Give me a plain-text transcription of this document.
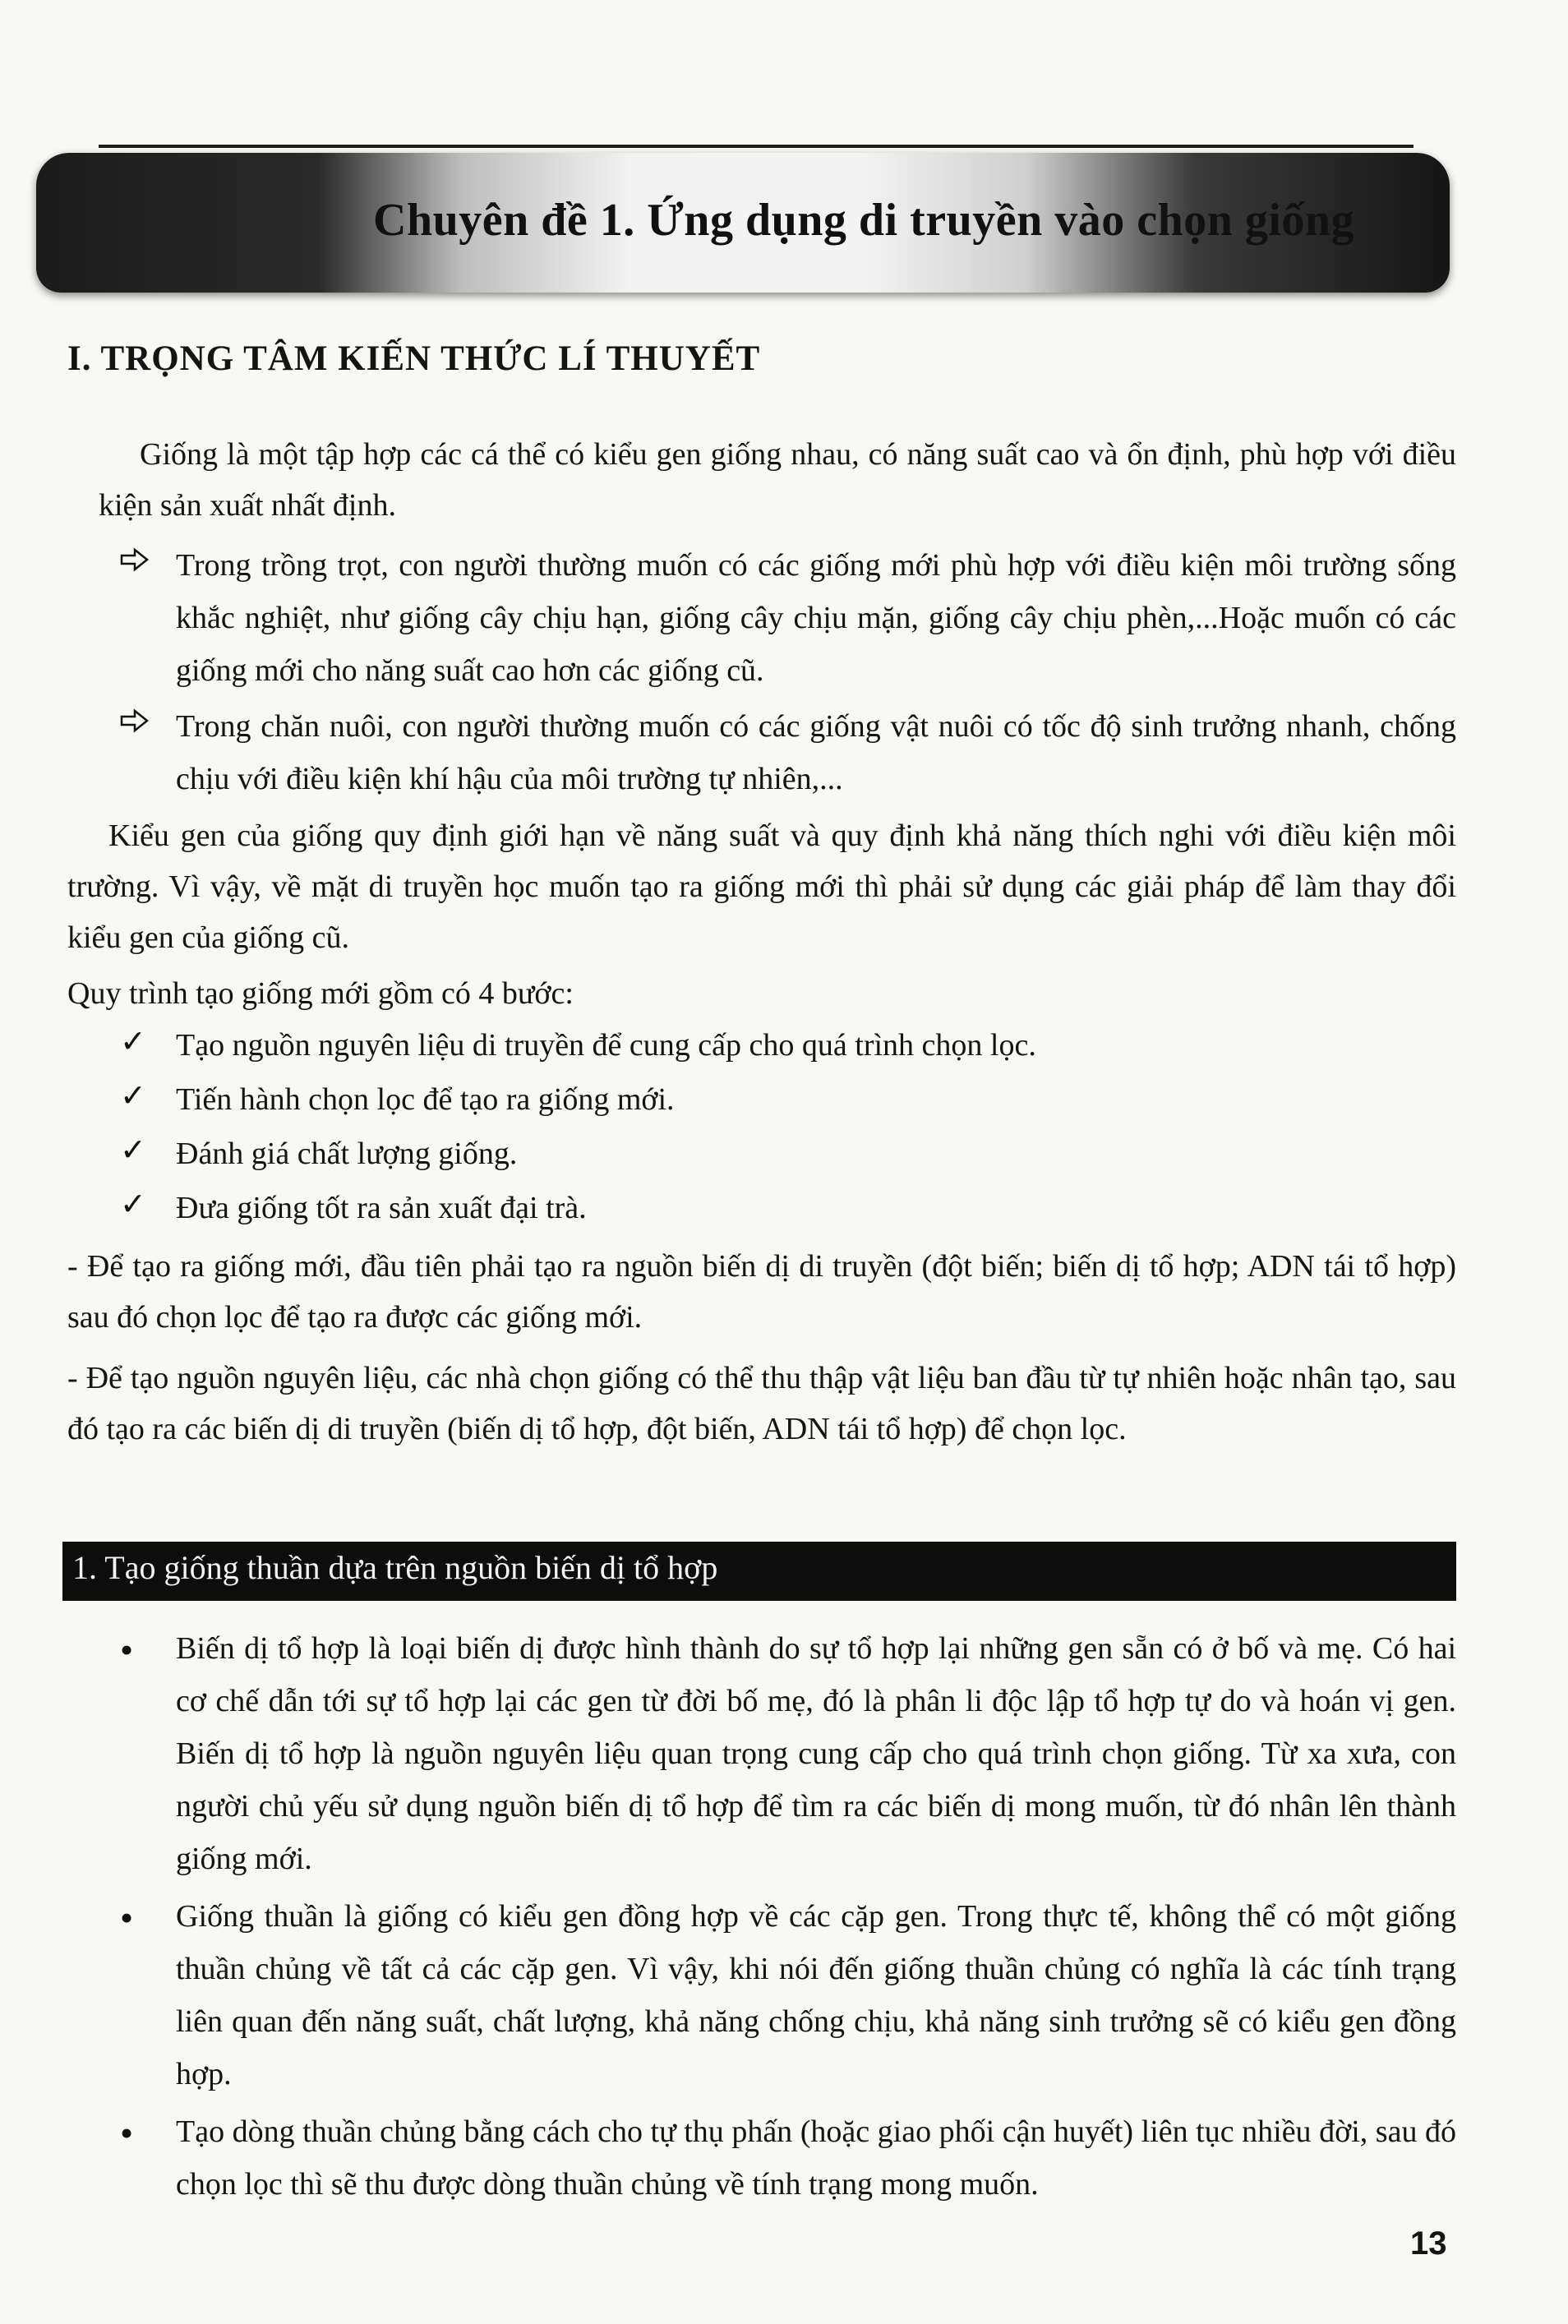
Chuyên đề 1. Ứng dụng di truyền vào chọn giống
I. TRỌNG TÂM KIẾN THỨC LÍ THUYẾT
Giống là một tập hợp các cá thể có kiểu gen giống nhau, có năng suất cao và ổn định, phù hợp với điều kiện sản xuất nhất định.
Trong trồng trọt, con người thường muốn có các giống mới phù hợp với điều kiện môi trường sống khắc nghiệt, như giống cây chịu hạn, giống cây chịu mặn, giống cây chịu phèn,...Hoặc muốn có các giống mới cho năng suất cao hơn các giống cũ.
Trong chăn nuôi, con người thường muốn có các giống vật nuôi có tốc độ sinh trưởng nhanh, chống chịu với điều kiện khí hậu của môi trường tự nhiên,...
Kiểu gen của giống quy định giới hạn về năng suất và quy định khả năng thích nghi với điều kiện môi trường. Vì vậy, về mặt di truyền học muốn tạo ra giống mới thì phải sử dụng các giải pháp để làm thay đổi kiểu gen của giống cũ.
Quy trình tạo giống mới gồm có 4 bước:
✓ Tạo nguồn nguyên liệu di truyền để cung cấp cho quá trình chọn lọc.
✓ Tiến hành chọn lọc để tạo ra giống mới.
✓ Đánh giá chất lượng giống.
✓ Đưa giống tốt ra sản xuất đại trà.
- Để tạo ra giống mới, đầu tiên phải tạo ra nguồn biến dị di truyền (đột biến; biến dị tổ hợp; ADN tái tổ hợp) sau đó chọn lọc để tạo ra được các giống mới.
- Để tạo nguồn nguyên liệu, các nhà chọn giống có thể thu thập vật liệu ban đầu từ tự nhiên hoặc nhân tạo, sau đó tạo ra các biến dị di truyền (biến dị tổ hợp, đột biến, ADN tái tổ hợp) để chọn lọc.
1. Tạo giống thuần dựa trên nguồn biến dị tổ hợp
• Biến dị tổ hợp là loại biến dị được hình thành do sự tổ hợp lại những gen sẵn có ở bố và mẹ. Có hai cơ chế dẫn tới sự tổ hợp lại các gen từ đời bố mẹ, đó là phân li độc lập tổ hợp tự do và hoán vị gen. Biến dị tổ hợp là nguồn nguyên liệu quan trọng cung cấp cho quá trình chọn giống. Từ xa xưa, con người chủ yếu sử dụng nguồn biến dị tổ hợp để tìm ra các biến dị mong muốn, từ đó nhân lên thành giống mới.
• Giống thuần là giống có kiểu gen đồng hợp về các cặp gen. Trong thực tế, không thể có một giống thuần chủng về tất cả các cặp gen. Vì vậy, khi nói đến giống thuần chủng có nghĩa là các tính trạng liên quan đến năng suất, chất lượng, khả năng chống chịu, khả năng sinh trưởng sẽ có kiểu gen đồng hợp.
• Tạo dòng thuần chủng bằng cách cho tự thụ phấn (hoặc giao phối cận huyết) liên tục nhiều đời, sau đó chọn lọc thì sẽ thu được dòng thuần chủng về tính trạng mong muốn.
13
